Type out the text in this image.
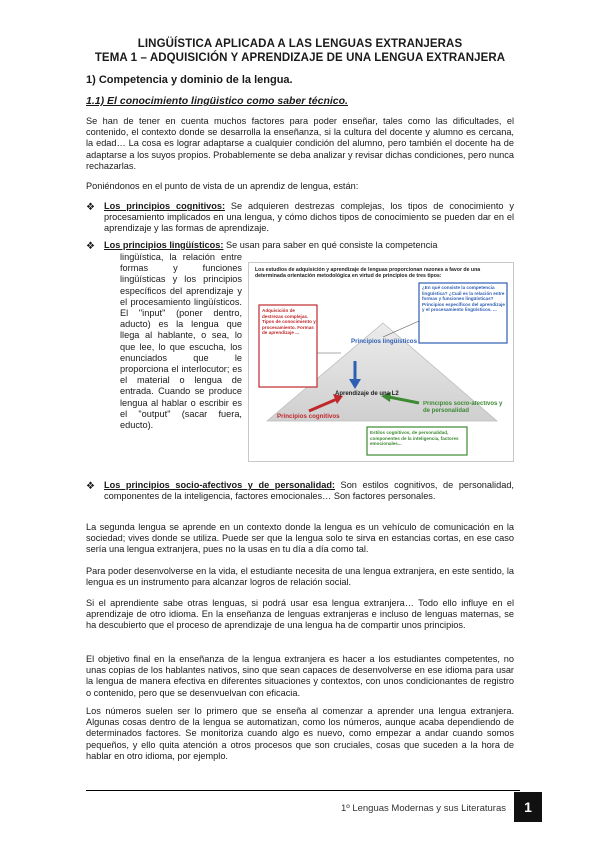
LINGÜÍSTICA APLICADA A LAS LENGUAS EXTRANJERAS
TEMA 1 – ADQUISICIÓN Y APRENDIZAJE DE UNA LENGUA EXTRANJERA
1) Competencia y dominio de la lengua.
1.1) El conocimiento lingüistico como saber técnico.
Se han de tener en cuenta muchos factores para poder enseñar, tales como las dificultades, el contenido, el contexto donde se desarrolla la enseñanza, si la cultura del docente y alumno es cercana, la edad… La cosa es lograr adaptarse a cualquier condición del alumno, pero también el docente ha de adaptarse a los suyos propios. Probablemente se deba analizar y revisar dichas condiciones, pero nunca rechazarlas.
Poniéndonos en el punto de vista de un aprendiz de lengua, están:
❖ Los principios cognitivos: Se adquieren destrezas complejas, los tipos de conocimiento y procesamiento implicados en una lengua, y cómo dichos tipos de conocimiento se pueden dar en el aprendizaje y las formas de aprendizaje.
❖ Los principios lingüísticos: Se usan para saber en qué consiste la competencia
lingüística, la relación entre formas y funciones lingüísticas y los principios específicos del aprendizaje y el procesamiento lingüísticos. El "input" (poner dentro, aducto) es la lengua que llega al hablante, o sea, lo que lee, lo que escucha, los enunciados que le proporciona el interlocutor; es el material o lengua de entrada. Cuando se produce lengua al hablar o escribir es el "output" (sacar fuera, educto).
Los estudios de adquisición y aprendizaje de lenguas proporcionan razones a favor de una determinada orientación metodológica en virtud de principios de tres tipos:
¿En qué consiste la competencia lingüística? ¿Cuál es la relación entre formas y funciones lingüísticas? Principios específicos del aprendizaje y el procesamiento lingüísticos. ...
Adquisición de destrezas complejas. Tipos de conocimiento y procesamiento. Formas de aprendizaje ...
Estilos cognitivos, de personalidad, componentes de la inteligencia, factores emocionales...
Principios lingüísticos
Aprendizaje de una L2
Principios cognitivos
Principios socio-afectivos y de personalidad
❖ Los principios socio-afectivos y de personalidad: Son estilos cognitivos, de personalidad, componentes de la inteligencia, factores emocionales… Son factores personales.
La segunda lengua se aprende en un contexto donde la lengua es un vehículo de comunicación en la sociedad; vives donde se utiliza. Puede ser que la lengua solo te sirva en estancias cortas, en ese caso sería una lengua extranjera, pues no la usas en tu día a día como tal.
Para poder desenvolverse en la vida, el estudiante necesita de una lengua extranjera, en este sentido, la lengua es un instrumento para alcanzar logros de relación social.
Si el aprendiente sabe otras lenguas, si podrá usar esa lengua extranjera… Todo ello influye en el aprendizaje de otro idioma. En la enseñanza de lenguas extranjeras e incluso de lenguas maternas, se ha descubierto que el proceso de aprendizaje de una lengua ha de compartir unos principios.
El objetivo final en la enseñanza de la lengua extranjera es hacer a los estudiantes competentes, no unas copias de los hablantes nativos, sino que sean capaces de desenvolverse en ese idioma para usar la lengua de manera efectiva en diferentes situaciones y contextos, con unos condicionantes de registro o contenido, pero que se desenvuelvan con eficacia.
Los números suelen ser lo primero que se enseña al comenzar a aprender una lengua extranjera. Algunas cosas dentro de la lengua se automatizan, como los números, aunque acaba dependiendo de determinados factores. Se monitoriza cuando algo es nuevo, como empezar a andar cuando somos pequeños, y ello quita atención a otros procesos que son cruciales, cosas que suceden a la hora de hablar en otro idioma, por ejemplo.
1º Lenguas Modernas y sus Literaturas	1
